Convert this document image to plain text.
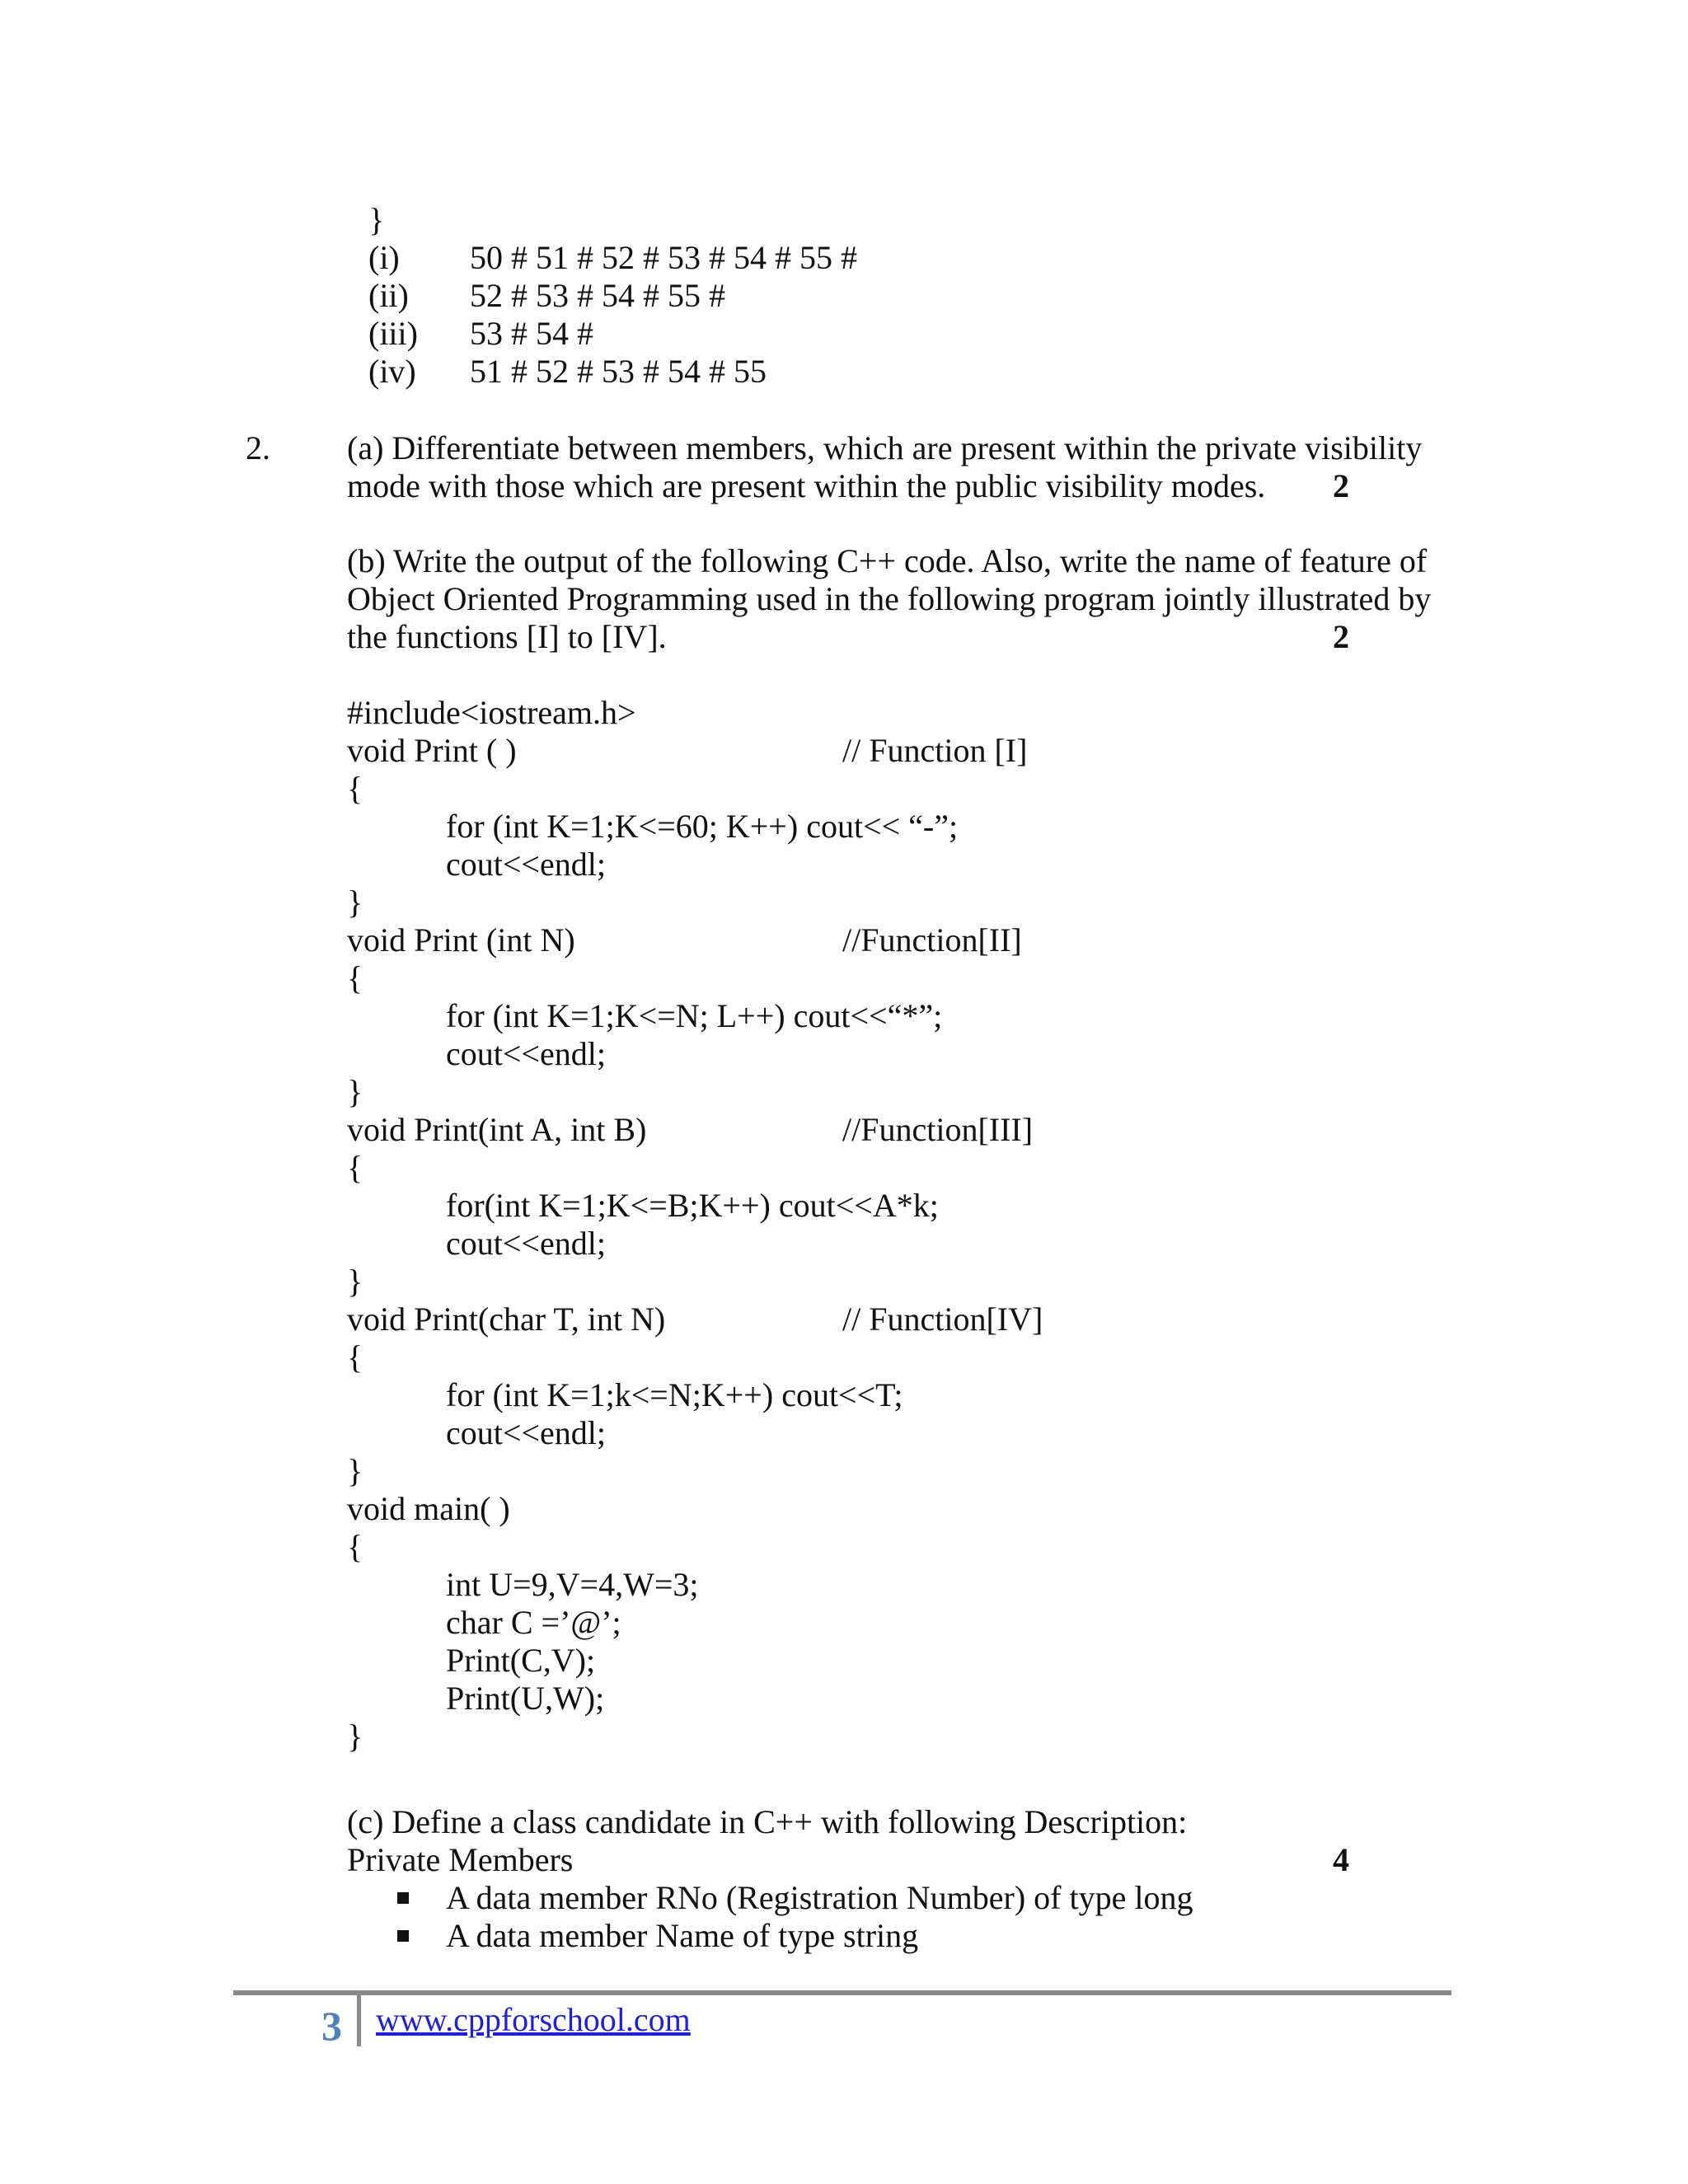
}
(i) 50 # 51 # 52 # 53 # 54 # 55 #
(ii) 52 # 53 # 54 # 55 #
(iii) 53 # 54 #
(iv) 51 # 52 # 53 # 54 # 55
2. (a) Differentiate between members, which are present within the private visibility
mode with those which are present within the public visibility modes.	2
(b) Write the output of the following C++ code. Also, write the name of feature of
Object Oriented Programming used in the following program jointly illustrated by
the functions [I] to [IV].	2
#include<iostream.h>
void Print ( )	// Function [I]
{
for (int K=1;K<=60; K++) cout<< “-”;
cout<<endl;
}
void Print (int N)	//Function[II]
{
for (int K=1;K<=N; L++) cout<<“*”;
cout<<endl;
}
void Print(int A, int B)	//Function[III]
{
for(int K=1;K<=B;K++) cout<<A*k;
cout<<endl;
}
void Print(char T, int N)	// Function[IV]
{
for (int K=1;k<=N;K++) cout<<T;
cout<<endl;
}
void main( )
{
int U=9,V=4,W=3;
char C =’@’;
Print(C,V);
Print(U,W);
}
(c) Define a class candidate in C++ with following Description:
Private Members	4
A data member RNo (Registration Number) of type long
A data member Name of type string
3 www.cppforschool.com
